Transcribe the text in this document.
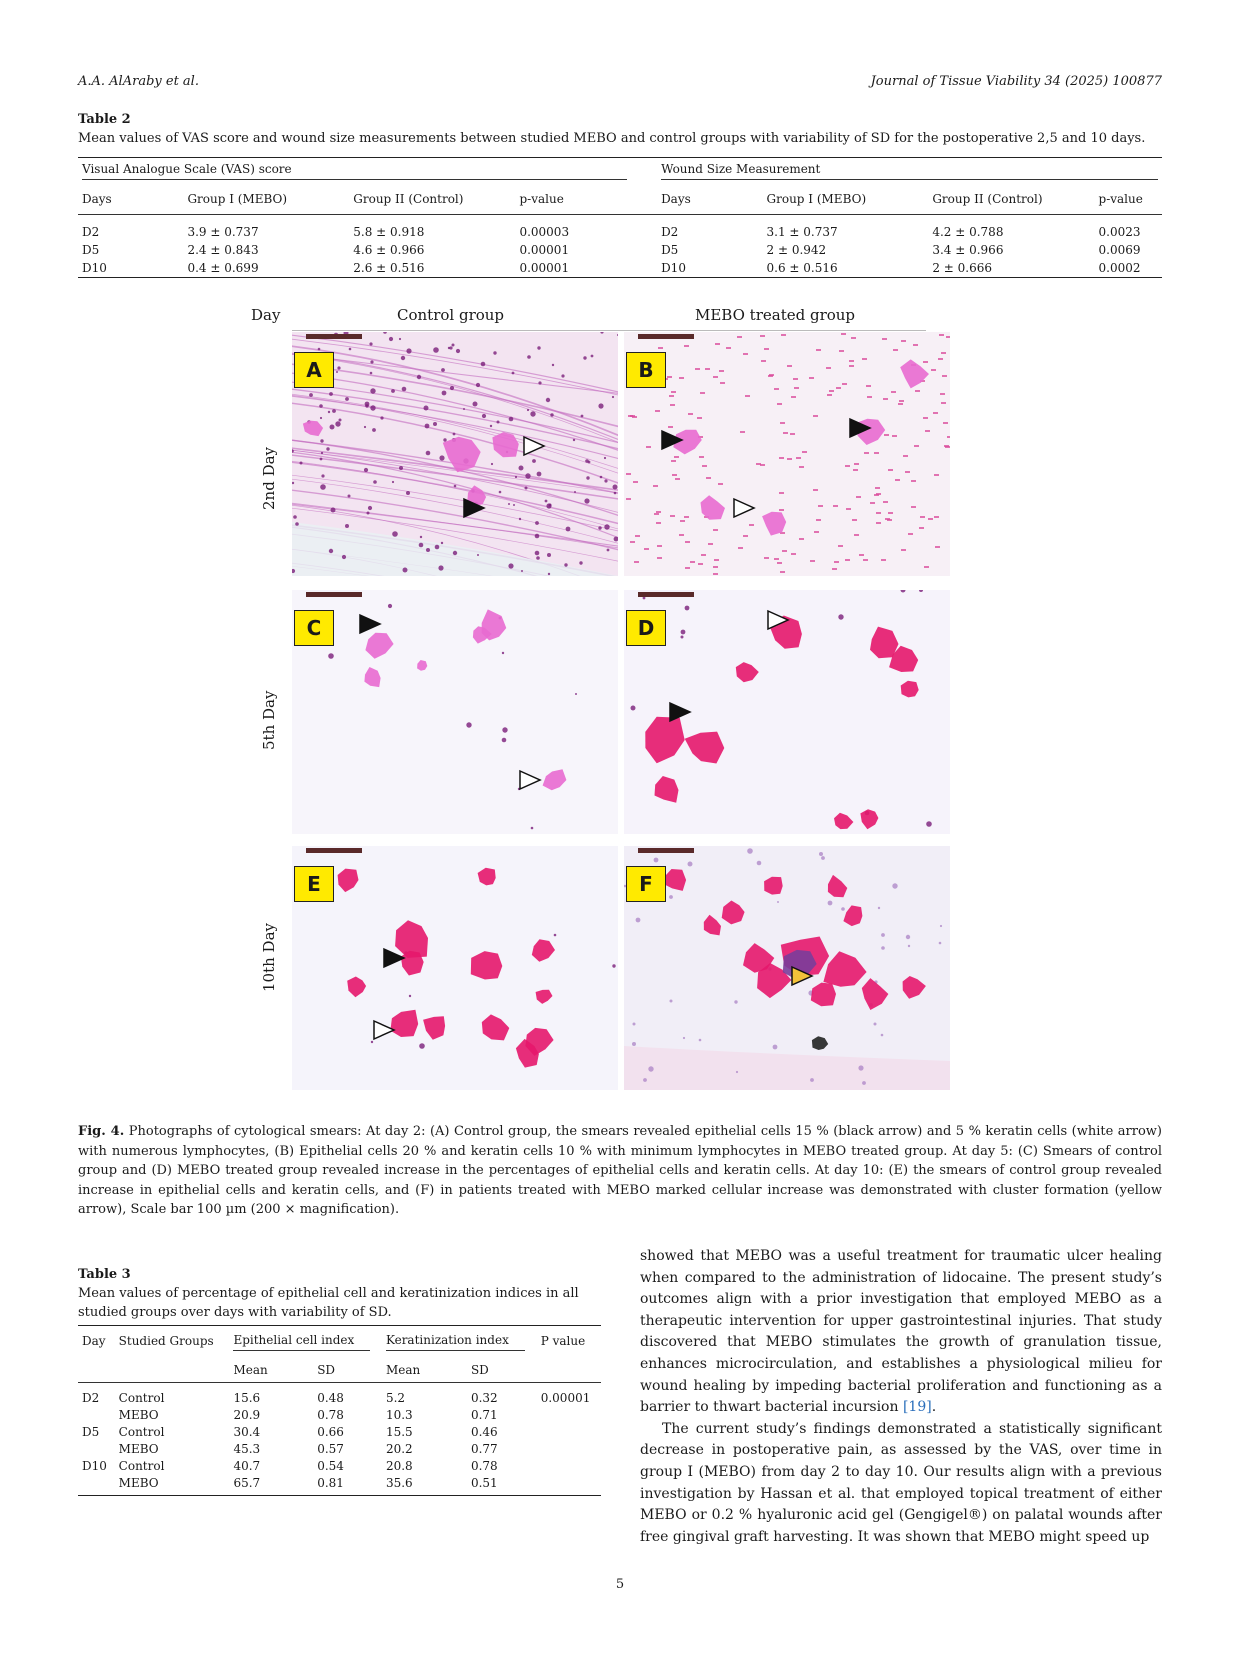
A.A. AlAraby et al.	Journal of Tissue Viability 34 (2025) 100877
Table 2
Mean values of VAS score and wound size measurements between studied MEBO and control groups with variability of SD for the postoperative 2,5 and 10 days.
Visual Analogue Scale (VAS) score				Wound Size Measurement			

Days	Group I (MEBO)	Group II (Control)	p-value	Days	Group I (MEBO)	Group II (Control)	p-value
D2	3.9 ± 0.737	5.8 ± 0.918	0.00003	D2	3.1 ± 0.737	4.2 ± 0.788	0.0023
D5	2.4 ± 0.843	4.6 ± 0.966	0.00001	D5	2 ± 0.942	3.4 ± 0.966	0.0069
D10	0.4 ± 0.699	2.6 ± 0.516	0.00001	D10	0.6 ± 0.516	2 ± 0.666	0.0002
Day	Control group	MEBO treated group
2nd Day
5th Day
10th Day
A	B
C	D
E	F
Fig. 4. Photographs of cytological smears: At day 2: (A) Control group, the smears revealed epithelial cells 15 % (black arrow) and 5 % keratin cells (white arrow) with numerous lymphocytes, (B) Epithelial cells 20 % and keratin cells 10 % with minimum lymphocytes in MEBO treated group. At day 5: (C) Smears of control group and (D) MEBO treated group revealed increase in the percentages of epithelial cells and keratin cells. At day 10: (E) the smears of control group revealed increase in epithelial cells and keratin cells, and (F) in patients treated with MEBO marked cellular increase was demonstrated with cluster formation (yellow arrow), Scale bar 100 µm (200 × magnification).
Table 3
Mean values of percentage of epithelial cell and keratinization indices in all studied groups over days with variability of SD.
Day	Studied Groups	Epithelial cell index		Keratinization index		P value
		Mean	SD	Mean	SD	
D2	Control	15.6	0.48	5.2	0.32	0.00001
	MEBO	20.9	0.78	10.3	0.71	
D5	Control	30.4	0.66	15.5	0.46	
	MEBO	45.3	0.57	20.2	0.77	
D10	Control	40.7	0.54	20.8	0.78	
	MEBO	65.7	0.81	35.6	0.51	

showed that MEBO was a useful treatment for traumatic ulcer healing when compared to the administration of lidocaine. The present study’s outcomes align with a prior investigation that employed MEBO as a therapeutic intervention for upper gastrointestinal injuries. That study discovered that MEBO stimulates the growth of granulation tissue, enhances microcirculation, and establishes a physiological milieu for wound healing by impeding bacterial proliferation and functioning as a barrier to thwart bacterial incursion [19].

The current study’s findings demonstrated a statistically significant decrease in postoperative pain, as assessed by the VAS, over time in group I (MEBO) from day 2 to day 10. Our results align with a previous investigation by Hassan et al. that employed topical treatment of either MEBO or 0.2 % hyaluronic acid gel (Gengigel®) on palatal wounds after free gingival graft harvesting. It was shown that MEBO might speed up

5
